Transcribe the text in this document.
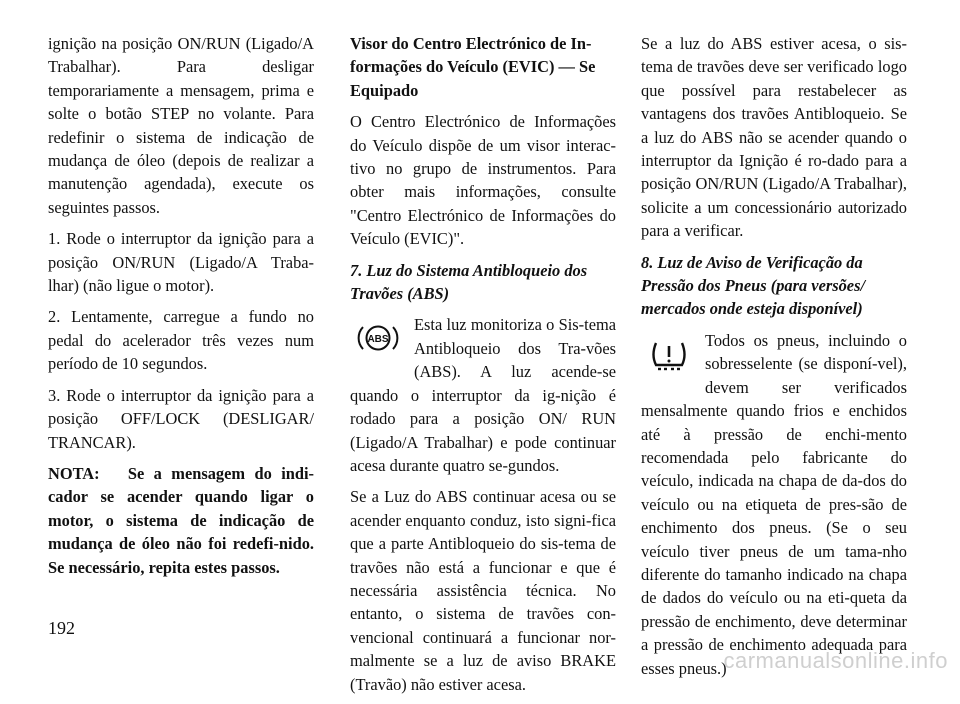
ignição na posição ON/RUN (Ligado/A Trabalhar). Para desligar temporariamente a mensagem, prima e solte o botão STEP no volante. Para redefinir o sistema de indicação de mudança de óleo (depois de realizar a manutenção agendada), execute os seguintes passos.

1. Rode o interruptor da ignição para a posição ON/RUN (Ligado/A Traba-lhar) (não ligue o motor).

2. Lentamente, carregue a fundo no pedal do acelerador três vezes num período de 10 segundos.

3. Rode o interruptor da ignição para a posição OFF/LOCK (DESLIGAR/ TRANCAR).

NOTA: Se a mensagem do indi-cador se acender quando ligar o motor, o sistema de indicação de mudança de óleo não foi redefi-nido. Se necessário, repita estes passos.

Visor do Centro Electrónico de In-formações do Veículo (EVIC) — Se Equipado

O Centro Electrónico de Informações do Veículo dispõe de um visor interac-tivo no grupo de instrumentos. Para obter mais informações, consulte "Centro Electrónico de Informações do Veículo (EVIC)".

7. Luz do Sistema Antibloqueio dos Travões (ABS)

ABS
Esta luz monitoriza o Sis-tema Antibloqueio dos Tra-vões (ABS). A luz acende-se quando o interruptor da ig-nição é rodado para a posição ON/ RUN (Ligado/A Trabalhar) e pode continuar acesa durante quatro se-gundos.

Se a Luz do ABS continuar acesa ou se acender enquanto conduz, isto signi-fica que a parte Antibloqueio do sis-tema de travões não está a funcionar e que é necessária assistência técnica. No entanto, o sistema de travões con-vencional continuará a funcionar nor-malmente se a luz de aviso BRAKE (Travão) não estiver acesa.

Se a luz do ABS estiver acesa, o sis-tema de travões deve ser verificado logo que possível para restabelecer as vantagens dos travões Antibloqueio. Se a luz do ABS não se acender quando o interruptor da Ignição é ro-dado para a posição ON/RUN (Ligado/A Trabalhar), solicite a um concessionário autorizado para a verificar.

8. Luz de Aviso de Verificação da Pressão dos Pneus (para versões/ mercados onde esteja disponível)

Todos os pneus, incluindo o sobresselente (se disponí-vel), devem ser verificados mensalmente quando frios e enchidos até à pressão de enchi-mento recomendada pelo fabricante do veículo, indicada na chapa de da-dos do veículo ou na etiqueta de pres-são de enchimento dos pneus. (Se o seu veículo tiver pneus de um tama-nho diferente do tamanho indicado na chapa de dados do veículo ou na eti-queta da pressão de enchimento, deve determinar a pressão de enchimento adequada para esses pneus.)

192
carmanualsonline.info
